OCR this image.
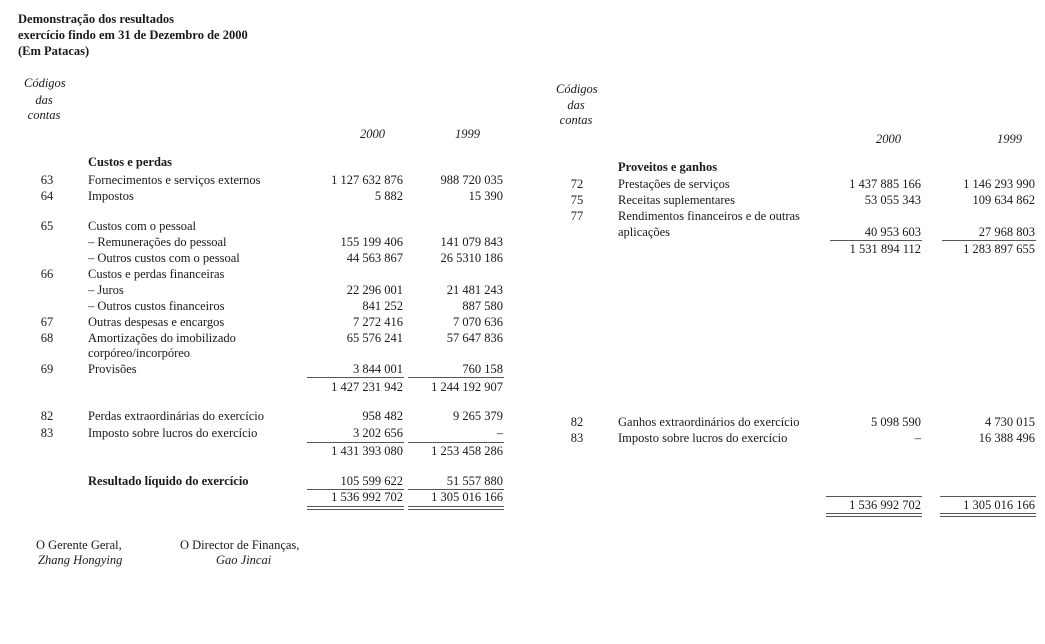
Demonstração dos resultados
exercício findo em 31 de Dezembro de 2000
(Em Patacas)
Códigos
das
contas
2000	1999
Códigos
das
contas
2000	1999
Custos e perdas
63	Fornecimentos e serviços externos	1 127 632 876	988 720 035
64	Impostos	5 882	15 390
65	Custos com o pessoal
– Remunerações do pessoal	155 199 406	141 079 843
– Outros custos com o pessoal	44 563 867	26 5310 186
66	Custos e perdas financeiras
– Juros	22 296 001	21 481 243
– Outros custos financeiros	841 252	887 580
67	Outras despesas e encargos	7 272 416	7 070 636
68	Amortizações do imobilizado	65 576 241	57 647 836
corpóreo/incorpóreo
69	Provisões	3 844 001	760 158
1 427 231 942	1 244 192 907
82	Perdas extraordinárias do exercício	958 482	9 265 379
83	Imposto sobre lucros do exercício	3 202 656	–
1 431 393 080	1 253 458 286
Resultado líquido do exercício	105 599 622	51 557 880
1 536 992 702	1 305 016 166
Proveitos e ganhos
72	Prestações de serviços	1 437 885 166	1 146 293 990
75	Receitas suplementares	53 055 343	109 634 862
77	Rendimentos financeiros e de outras
aplicações	40 953 603	27 968 803
1 531 894 112	1 283 897 655
82	Ganhos extraordinários do exercício	5 098 590	4 730 015
83	Imposto sobre lucros do exercício	–	16 388 496
1 536 992 702	1 305 016 166
O Gerente Geral,
Zhang Hongying
O Director de Finanças,
Gao Jincai
